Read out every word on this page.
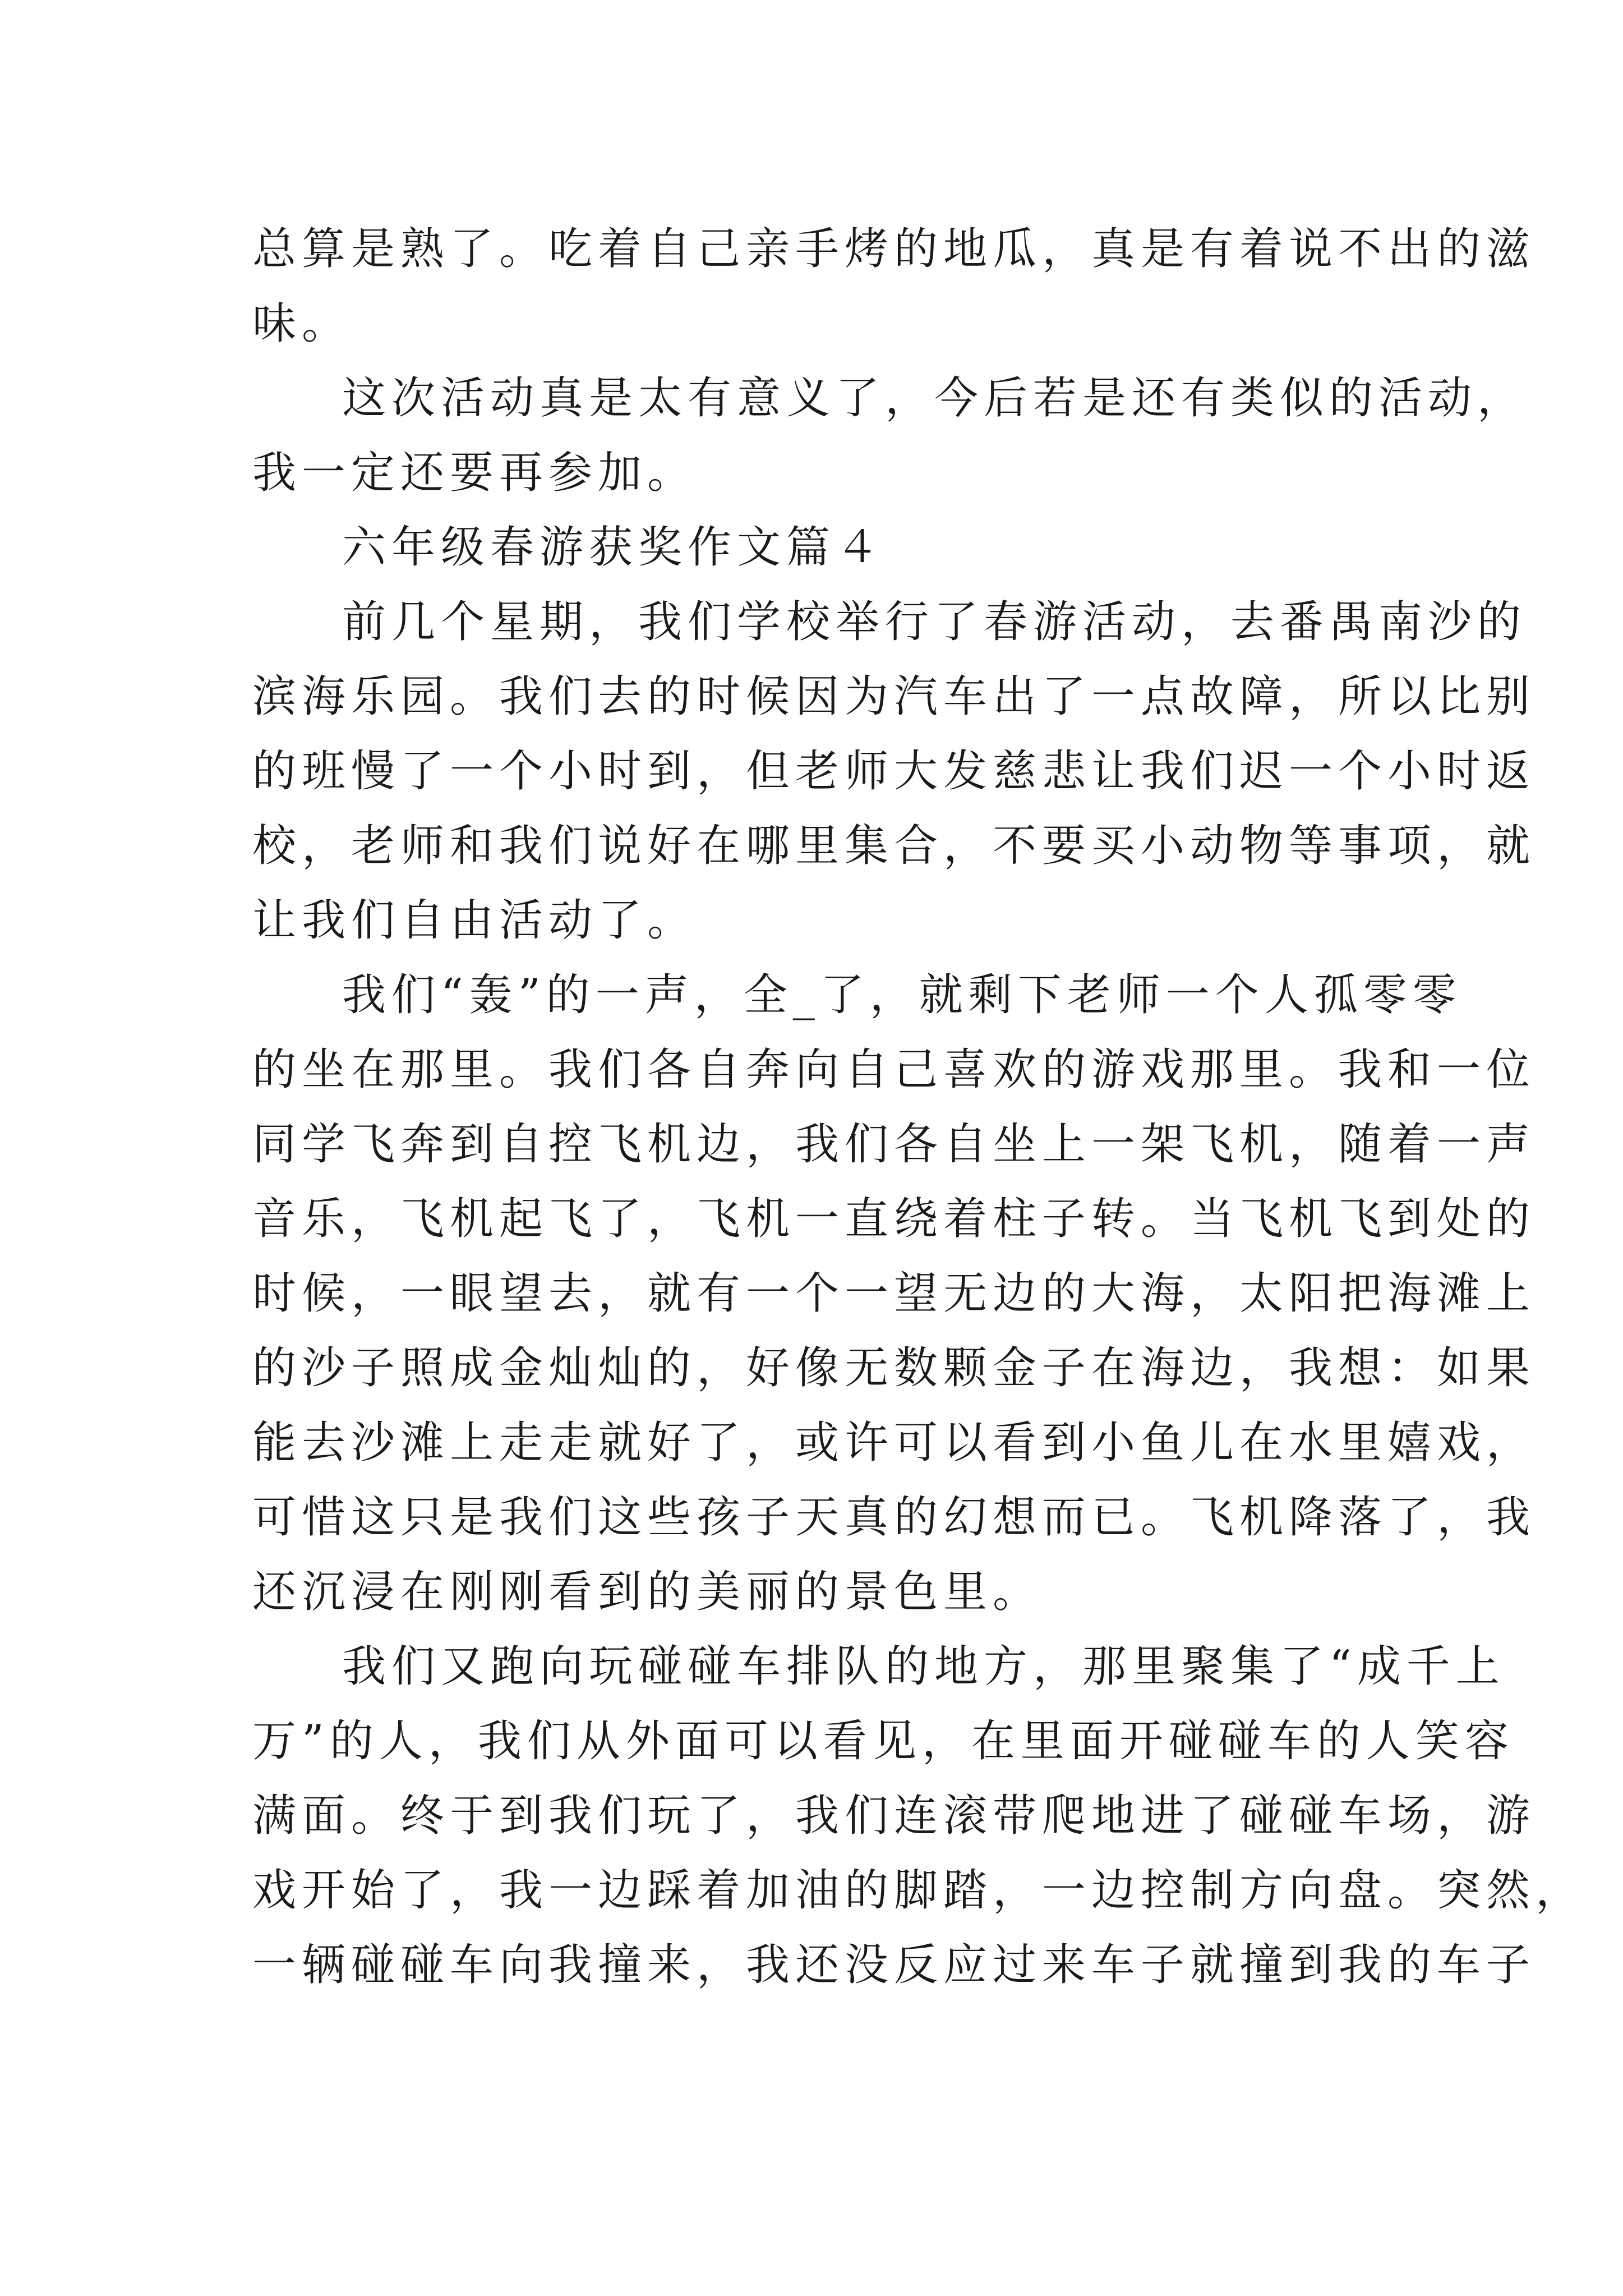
总算是熟了。吃着自己亲手烤的地瓜，真是有着说不出的滋
味。
这次活动真是太有意义了，今后若是还有类似的活动，
我一定还要再参加。
六年级春游获奖作文篇４
前几个星期，我们学校举行了春游活动，去番禺南沙的
滨海乐园。我们去的时候因为汽车出了一点故障，所以比别
的班慢了一个小时到，但老师大发慈悲让我们迟一个小时返
校，老师和我们说好在哪里集合，不要买小动物等事项，就
让我们自由活动了。
我们“轰”的一声，全_了，就剩下老师一个人孤零零
的坐在那里。我们各自奔向自己喜欢的游戏那里。我和一位
同学飞奔到自控飞机边，我们各自坐上一架飞机，随着一声
音乐，飞机起飞了，飞机一直绕着柱子转。当飞机飞到处的
时候，一眼望去，就有一个一望无边的大海，太阳把海滩上
的沙子照成金灿灿的，好像无数颗金子在海边，我想：如果
能去沙滩上走走就好了，或许可以看到小鱼儿在水里嬉戏，
可惜这只是我们这些孩子天真的幻想而已。飞机降落了，我
还沉浸在刚刚看到的美丽的景色里。
我们又跑向玩碰碰车排队的地方，那里聚集了“成千上
万”的人，我们从外面可以看见，在里面开碰碰车的人笑容
满面。终于到我们玩了，我们连滚带爬地进了碰碰车场，游
戏开始了，我一边踩着加油的脚踏，一边控制方向盘。突然，
一辆碰碰车向我撞来，我还没反应过来车子就撞到我的车子
